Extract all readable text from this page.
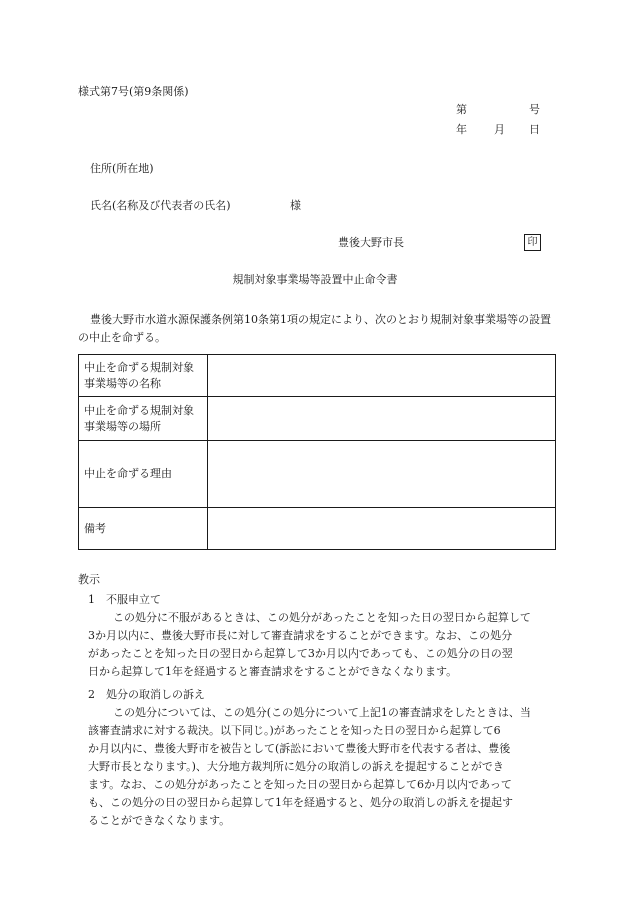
様式第7号(第9条関係)
第	号
年 月 日
住所(所在地)
氏名(名称及び代表者の氏名)	様
豊後大野市長	印
規制対象事業場等設置中止命令書
豊後大野市水道水源保護条例第10条第1項の規定により、次のとおり規制対象事業場等の設置の中止を命ずる。
中止を命ずる規制対象
事業場等の名称	

中止を命ずる規制対象
事業場等の場所	

中止を命ずる理由	

備考	

教示
1　不服申立て
この処分に不服があるときは、この処分があったことを知った日の翌日から起算して
3か月以内に、豊後大野市長に対して審査請求をすることができます。なお、この処分
があったことを知った日の翌日から起算して3か月以内であっても、この処分の日の翌
日から起算して1年を経過すると審査請求をすることができなくなります。
2　処分の取消しの訴え
この処分については、この処分(この処分について上記1の審査請求をしたときは、当
該審査請求に対する裁決。以下同じ。)があったことを知った日の翌日から起算して6
か月以内に、豊後大野市を被告として(訴訟において豊後大野市を代表する者は、豊後
大野市長となります。)、大分地方裁判所に処分の取消しの訴えを提起することができ
ます。なお、この処分があったことを知った日の翌日から起算して6か月以内であって
も、この処分の日の翌日から起算して1年を経過すると、処分の取消しの訴えを提起す
ることができなくなります。
